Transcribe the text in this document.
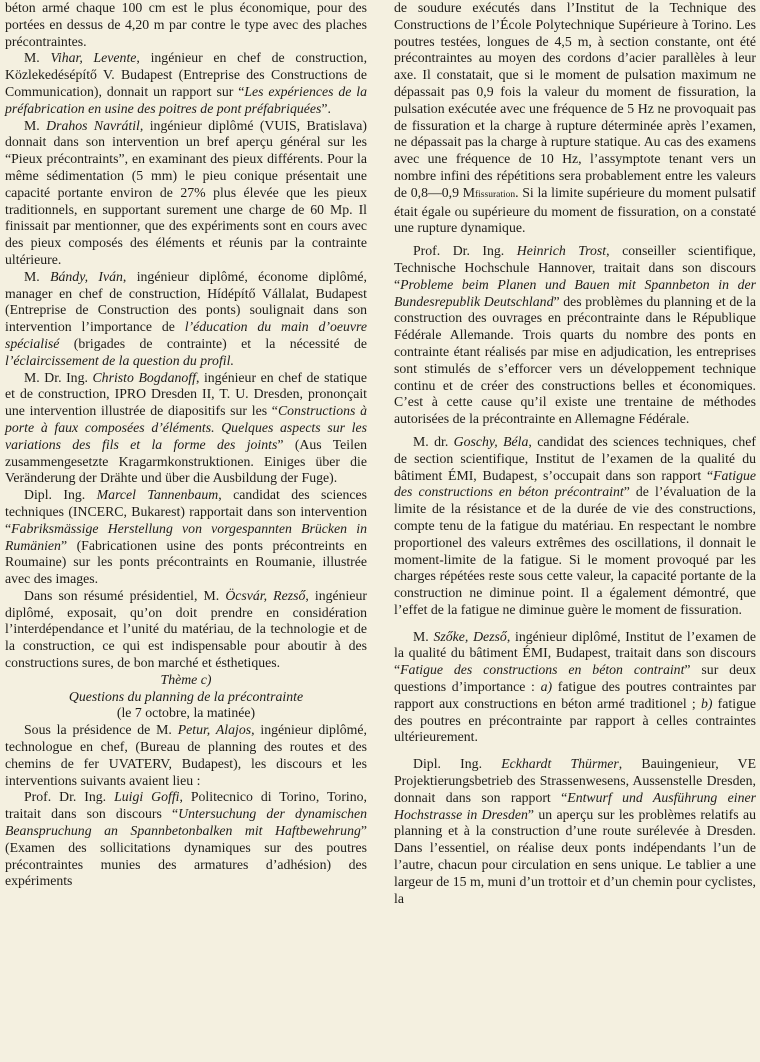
béton armé chaque 100 cm est le plus économique, pour des portées en dessus de 4,20 m par contre le type avec des plaches précontraintes.

M. Vihar, Levente, ingénieur en chef de construction, Közlekedésépítő V. Budapest (Entreprise des Constructions de Communication), donnait un rapport sur “Les expériences de la préfabrication en usine des poitres de pont préfabriquées”.

M. Drahos Navrátil, ingénieur diplômé (VUIS, Bratislava) donnait dans son intervention un bref aperçu général sur les “Pieux précontraints”, en examinant des pieux différents. Pour la même sédimentation (5 mm) le pieu conique présentait une capacité portante environ de 27% plus élevée que les pieux traditionnels, en supportant surement une charge de 60 Mp. Il finissait par mentionner, que des expériments sont en cours avec des pieux composés des éléments et réunis par la contrainte ultérieure.

M. Bándy, Iván, ingénieur diplômé, économe diplômé, manager en chef de construction, Hídépítő Vállalat, Budapest (Entreprise de Construction des ponts) soulignait dans son intervention l’importance de l’éducation du main d’oeuvre spécialisé (brigades de contrainte) et la nécessité de l’éclaircissement de la question du profil.

M. Dr. Ing. Christo Bogdanoff, ingénieur en chef de statique et de construction, IPRO Dresden II, T. U. Dresden, prononçait une intervention illustrée de diapositifs sur les “Constructions à porte à faux composées d’éléments. Quelques aspects sur les variations des fils et la forme des joints” (Aus Teilen zusammengesetzte Kragarmkonstruktionen. Einiges über die Veränderung der Drähte und über die Ausbildung der Fuge).

Dipl. Ing. Marcel Tannenbaum, candidat des sciences techniques (INCERC, Bukarest) rapportait dans son intervention “Fabriksmässige Herstellung von vorgespannten Brücken in Rumänien” (Fabricationen usine des ponts précontreints en Roumaine) sur les ponts précontraints en Roumanie, illustrée avec des images.

Dans son résumé présidentiel, M. Öcsvár, Rezső, ingénieur diplômé, exposait, qu’on doit prendre en considération l’interdépendance et l’unité du matériau, de la technologie et de la construction, ce qui est indispensable pour aboutir à des constructions sures, de bon marché et ésthetiques.

Thème c)

Questions du planning de la précontrainte

(le 7 octobre, la matinée)

Sous la présidence de M. Petur, Alajos, ingénieur diplômé, technologue en chef, (Bureau de planning des routes et des chemins de fer UVATERV, Budapest), les discours et les interventions suivants avaient lieu :

Prof. Dr. Ing. Luigi Goffi, Politecnico di Torino, Torino, traitait dans son discours “Untersuchung der dynamischen Beanspruchung an Spannbetonbalken mit Haftbewehrung” (Examen des sollicitations dynamiques sur des poutres précontraintes munies des armatures d’adhésion) des expériments

de soudure exécutés dans l’Institut de la Technique des Constructions de l’École Polytechnique Supérieure à Torino. Les poutres testées, longues de 4,5 m, à section constante, ont été précontraintes au moyen des cordons d’acier parallèles à leur axe. Il constatait, que si le moment de pulsation maximum ne dépassait pas 0,9 fois la valeur du moment de fissuration, la pulsation exécutée avec une fréquence de 5 Hz ne provoquait pas de fissuration et la charge à rupture déterminée après l’examen, ne dépassait pas la charge à rupture statique. Au cas des examens avec une fréquence de 10 Hz, l’assymptote tenant vers un nombre infini des répétitions sera probablement entre les valeurs de 0,8—0,9 Mfissuration. Si la limite supérieure du moment pulsatif était égale ou supérieure du moment de fissuration, on a constaté une rupture dynamique.

Prof. Dr. Ing. Heinrich Trost, conseiller scientifique, Technische Hochschule Hannover, traitait dans son discours “Probleme beim Planen und Bauen mit Spannbeton in der Bundesrepublik Deutschland” des problèmes du planning et de la construction des ouvrages en précontrainte dans le République Fédérale Allemande. Trois quarts du nombre des ponts en contrainte étant réalisés par mise en adjudication, les entreprises sont stimulés de s’efforcer vers un développement technique continu et de créer des constructions belles et économiques. C’est à cette cause qu’il existe une trentaine de méthodes autorisées de la précontrainte en Allemagne Fédérale.

M. dr. Goschy, Béla, candidat des sciences techniques, chef de section scientifique, Institut de l’examen de la qualité du bâtiment ÉMI, Budapest, s’occupait dans son rapport “Fatigue des constructions en béton précontraint” de l’évaluation de la limite de la résistance et de la durée de vie des constructions, compte tenu de la fatigue du matériau. En respectant le nombre proportionel des valeurs extrêmes des oscillations, il donnait le moment-limite de la fatigue. Si le moment provoqué par les charges répétées reste sous cette valeur, la capacité portante de la construction ne diminue point. Il a également démontré, que l’effet de la fatigue ne diminue guère le moment de fissuration.

M. Szőke, Dezső, ingénieur diplômé, Institut de l’examen de la qualité du bâtiment ÉMI, Budapest, traitait dans son discours “Fatigue des constructions en béton contraint” sur deux questions d’importance : a) fatigue des poutres contraintes par rapport aux constructions en béton armé traditionel ; b) fatigue des poutres en précontrainte par rapport à celles contraintes ultérieurement.

Dipl. Ing. Eckhardt Thürmer, Bauingenieur, VE Projektierungsbetrieb des Strassenwesens, Aussenstelle Dresden, donnait dans son rapport “Entwurf und Ausführung einer Hochstrasse in Dresden” un aperçu sur les problèmes relatifs au planning et à la construction d’une route surélevée à Dresden. Dans l’essentiel, on réalise deux ponts indépendants l’un de l’autre, chacun pour circulation en sens unique. Le tablier a une largeur de 15 m, muni d’un trottoir et d’un chemin pour cyclistes, la
